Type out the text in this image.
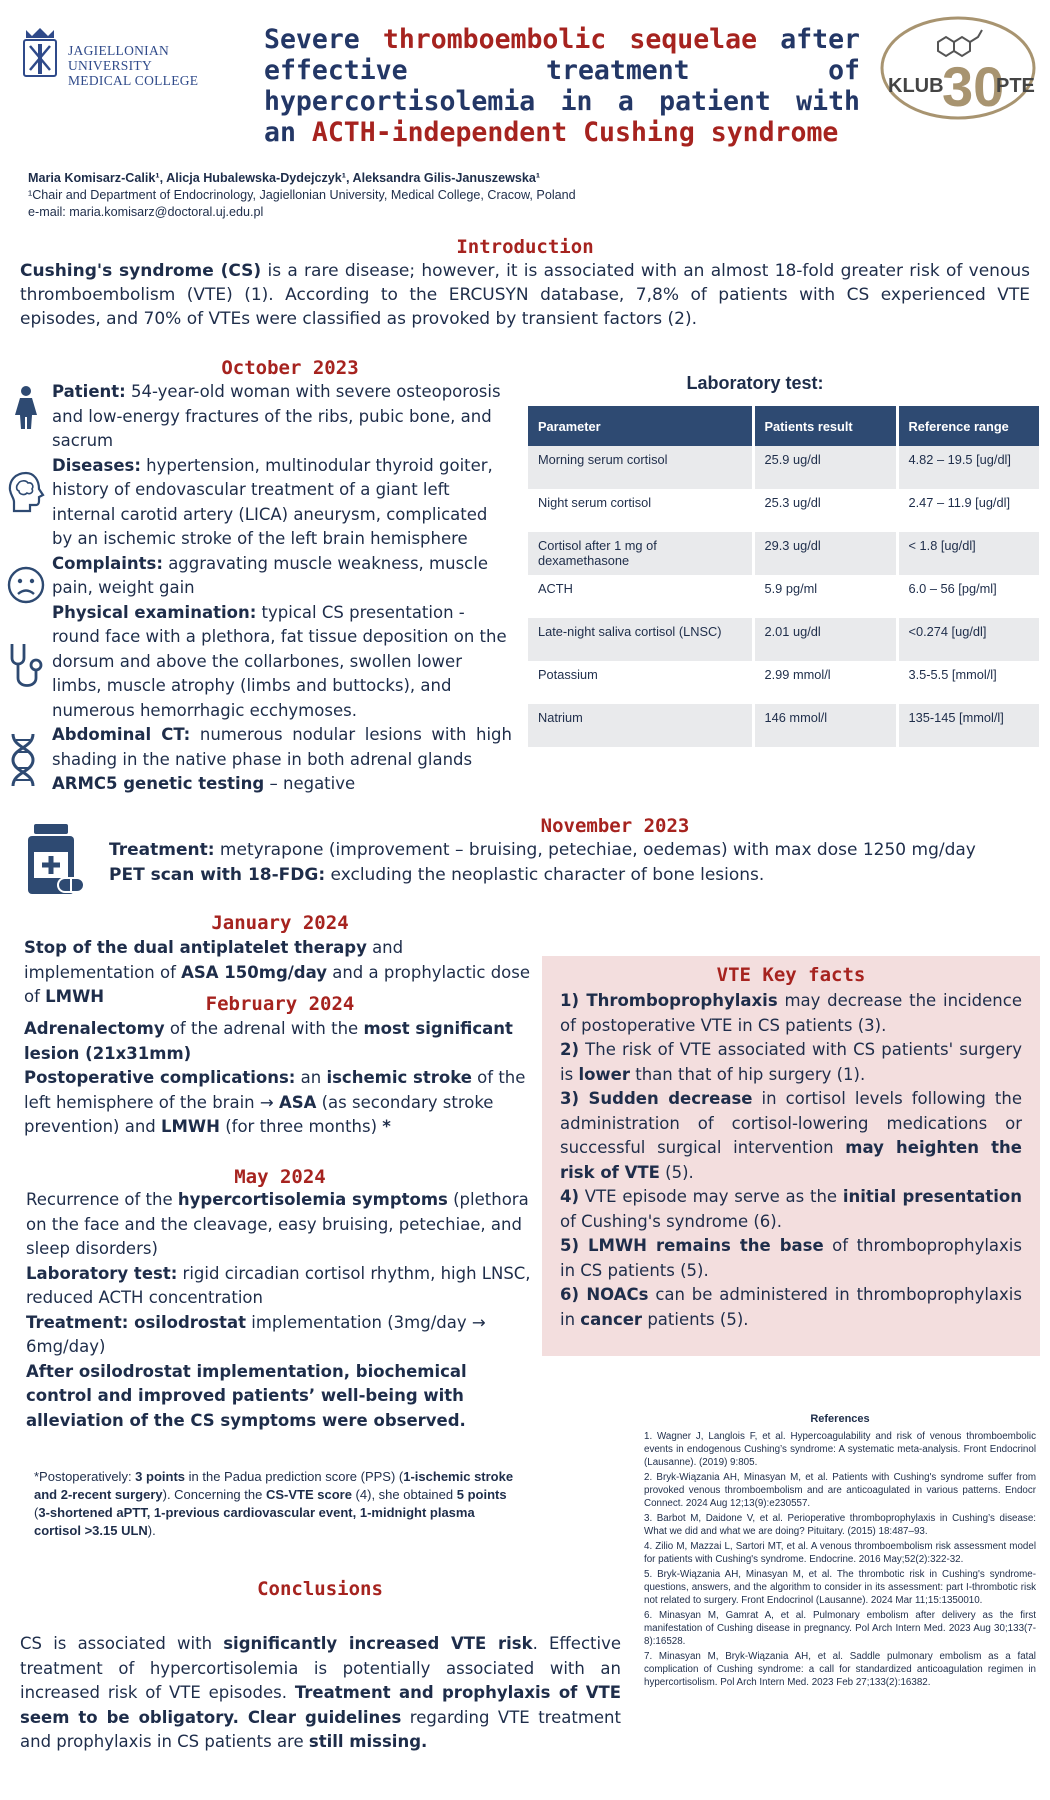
JAGIELLONIAN UNIVERSITY
MEDICAL COLLEGE
Severe thromboembolic sequelae after effective treatment of hypercortisolemia in a patient with an ACTH-independent Cushing syndrome
KLUB
30
PTE
Maria Komisarz-Calik¹, Alicja Hubalewska-Dydejczyk¹, Aleksandra Gilis-Januszewska¹
¹Chair and Department of Endocrinology, Jagiellonian University, Medical College, Cracow, Poland
e-mail: maria.komisarz@doctoral.uj.edu.pl
Introduction
Cushing's syndrome (CS) is a rare disease; however, it is associated with an almost 18-fold greater risk of venous thromboembolism (VTE) (1). According to the ERCUSYN database, 7,8% of patients with CS experienced VTE episodes, and 70% of VTEs were classified as provoked by transient factors (2).
October 2023
Patient: 54-year-old woman with severe osteoporosis and low-energy fractures of the ribs, pubic bone, and sacrum
Diseases: hypertension, multinodular thyroid goiter, history of endovascular treatment of a giant left internal carotid artery (LICA) aneurysm, complicated by an ischemic stroke of the left brain hemisphere
Complaints: aggravating muscle weakness, muscle pain, weight gain
Physical examination: typical CS presentation - round face with a plethora, fat tissue deposition on the dorsum and above the collarbones, swollen lower limbs, muscle atrophy (limbs and buttocks), and numerous hemorrhagic ecchymoses.
Abdominal CT: numerous nodular lesions with high shading in the native phase in both adrenal glands
ARMC5 genetic testing – negative
Laboratory test:
Parameter	Patients result	Reference range
Morning serum cortisol	25.9 ug/dl	4.82 – 19.5 [ug/dl]
Night serum cortisol	25.3 ug/dl	2.47 – 11.9 [ug/dl]
Cortisol after 1 mg of dexamethasone	29.3 ug/dl	< 1.8 [ug/dl]
ACTH	5.9 pg/ml	6.0 – 56 [pg/ml]
Late-night saliva cortisol (LNSC)	2.01 ug/dl	<0.274 [ug/dl]
Potassium	2.99 mmol/l	3.5-5.5 [mmol/l]
Natrium	146 mmol/l	135-145 [mmol/l]
November 2023
Treatment: metyrapone (improvement – bruising, petechiae, oedemas) with max dose 1250 mg/day
PET scan with 18-FDG: excluding the neoplastic character of bone lesions.
January 2024
Stop of the dual antiplatelet therapy and implementation of ASA 150mg/day and a prophylactic dose of LMWH	February 2024
Adrenalectomy of the adrenal with the most significant lesion (21x31mm)
Postoperative complications: an ischemic stroke of the left hemisphere of the brain → ASA (as secondary stroke prevention) and LMWH (for three months) *
May 2024
Recurrence of the hypercortisolemia symptoms (plethora on the face and the cleavage, easy bruising, petechiae, and sleep disorders)
Laboratory test: rigid circadian cortisol rhythm, high LNSC, reduced ACTH concentration
Treatment: osilodrostat implementation (3mg/day → 6mg/day)
After osilodrostat implementation, biochemical control and improved patients’ well-being with alleviation of the CS symptoms were observed.
*Postoperatively: 3 points in the Padua prediction score (PPS) (1-ischemic stroke and 2-recent surgery). Concerning the CS-VTE score (4), she obtained 5 points (3-shortened aPTT, 1-previous cardiovascular event, 1-midnight plasma cortisol >3.15 ULN).
VTE Key facts
1) Thromboprophylaxis may decrease the incidence of postoperative VTE in CS patients (3).
2) The risk of VTE associated with CS patients' surgery is lower than that of hip surgery (1).
3) Sudden decrease in cortisol levels following the administration of cortisol-lowering medications or successful surgical intervention may heighten the risk of VTE (5).
4) VTE episode may serve as the initial presentation of Cushing's syndrome (6).
5) LMWH remains the base of thromboprophylaxis in CS patients (5).
6) NOACs can be administered in thromboprophylaxis in cancer patients (5).
Conclusions
CS is associated with significantly increased VTE risk. Effective treatment of hypercortisolemia is potentially associated with an increased risk of VTE episodes. Treatment and prophylaxis of VTE seem to be obligatory. Clear guidelines regarding VTE treatment and prophylaxis in CS patients are still missing.
References
1. Wagner J, Langlois F, et al. Hypercoagulability and risk of venous thromboembolic events in endogenous Cushing’s syndrome: A systematic meta-analysis. Front Endocrinol (Lausanne). (2019) 9:805.
2. Bryk-Wiązania AH, Minasyan M, et al. Patients with Cushing's syndrome suffer from provoked venous thromboembolism and are anticoagulated in various patterns. Endocr Connect. 2024 Aug 12;13(9):e230557.
3. Barbot M, Daidone V, et al. Perioperative thromboprophylaxis in Cushing’s disease: What we did and what we are doing? Pituitary. (2015) 18:487–93.
4. Zilio M, Mazzai L, Sartori MT, et al. A venous thromboembolism risk assessment model for patients with Cushing's syndrome. Endocrine. 2016 May;52(2):322-32.
5. Bryk-Wiązania AH, Minasyan M, et al. The thrombotic risk in Cushing's syndrome-questions, answers, and the algorithm to consider in its assessment: part I-thrombotic risk not related to surgery. Front Endocrinol (Lausanne). 2024 Mar 11;15:1350010.
6. Minasyan M, Gamrat A, et al. Pulmonary embolism after delivery as the first manifestation of Cushing disease in pregnancy. Pol Arch Intern Med. 2023 Aug 30;133(7-8):16528.
7. Minasyan M, Bryk-Wiązania AH, et al. Saddle pulmonary embolism as a fatal complication of Cushing syndrome: a call for standardized anticoagulation regimen in hypercortisolism. Pol Arch Intern Med. 2023 Feb 27;133(2):16382.
